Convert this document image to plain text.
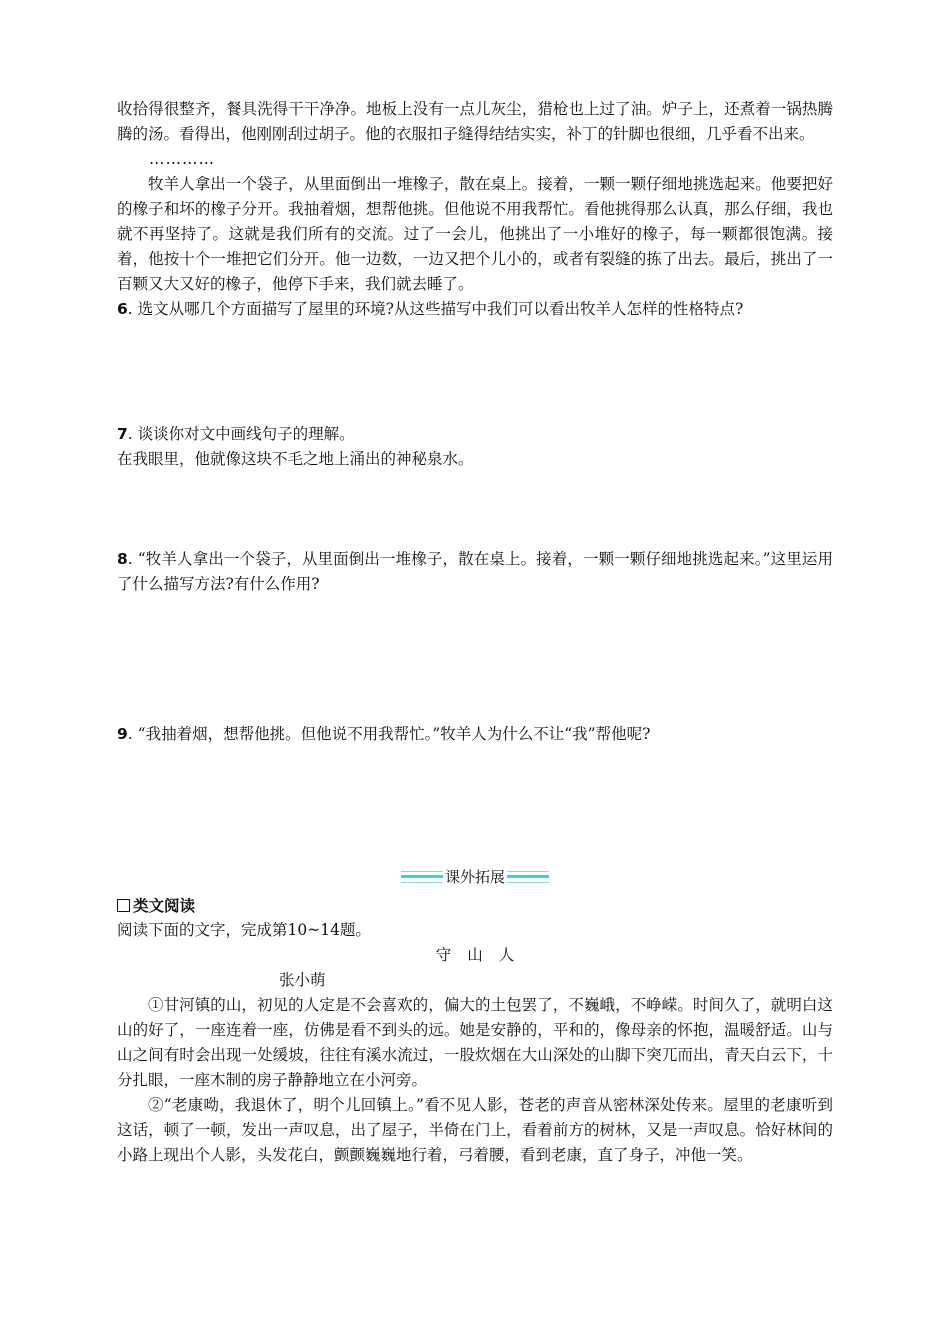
收拾得很整齐，餐具洗得干干净净。地板上没有一点儿灰尘，猎枪也上过了油。炉子上，还煮着一锅热腾腾的汤。看得出，他刚刚刮过胡子。他的衣服扣子缝得结结实实，补丁的针脚也很细，几乎看不出来。

…………

牧羊人拿出一个袋子，从里面倒出一堆橡子，散在桌上。接着，一颗一颗仔细地挑选起来。他要把好的橡子和坏的橡子分开。我抽着烟，想帮他挑。但他说不用我帮忙。看他挑得那么认真，那么仔细，我也就不再坚持了。这就是我们所有的交流。过了一会儿，他挑出了一小堆好的橡子，每一颗都很饱满。接着，他按十个一堆把它们分开。他一边数，一边又把个儿小的，或者有裂缝的拣了出去。最后，挑出了一百颗又大又好的橡子，他停下手来，我们就去睡了。

6. 选文从哪几个方面描写了屋里的环境?从这些描写中我们可以看出牧羊人怎样的性格特点?

7. 谈谈你对文中画线句子的理解。

在我眼里，他就像这块不毛之地上涌出的神秘泉水。

8. “牧羊人拿出一个袋子，从里面倒出一堆橡子，散在桌上。接着，一颗一颗仔细地挑选起来。”这里运用了什么描写方法?有什么作用?

9. “我抽着烟，想帮他挑。但他说不用我帮忙。”牧羊人为什么不让“我”帮他呢?

课外拓展
类文阅读

阅读下面的文字，完成第10~14题。

守山人

张小萌

①甘河镇的山，初见的人定是不会喜欢的，偏大的土包罢了，不巍峨，不峥嵘。时间久了，就明白这山的好了，一座连着一座，仿佛是看不到头的远。她是安静的，平和的，像母亲的怀抱，温暖舒适。山与山之间有时会出现一处缓坡，往往有溪水流过，一股炊烟在大山深处的山脚下突兀而出，青天白云下，十分扎眼，一座木制的房子静静地立在小河旁。

②“老康呦，我退休了，明个儿回镇上。”看不见人影，苍老的声音从密林深处传来。屋里的老康听到这话，顿了一顿，发出一声叹息，出了屋子，半倚在门上，看着前方的树林，又是一声叹息。恰好林间的小路上现出个人影，头发花白，颤颤巍巍地行着，弓着腰，看到老康，直了身子，冲他一笑。
